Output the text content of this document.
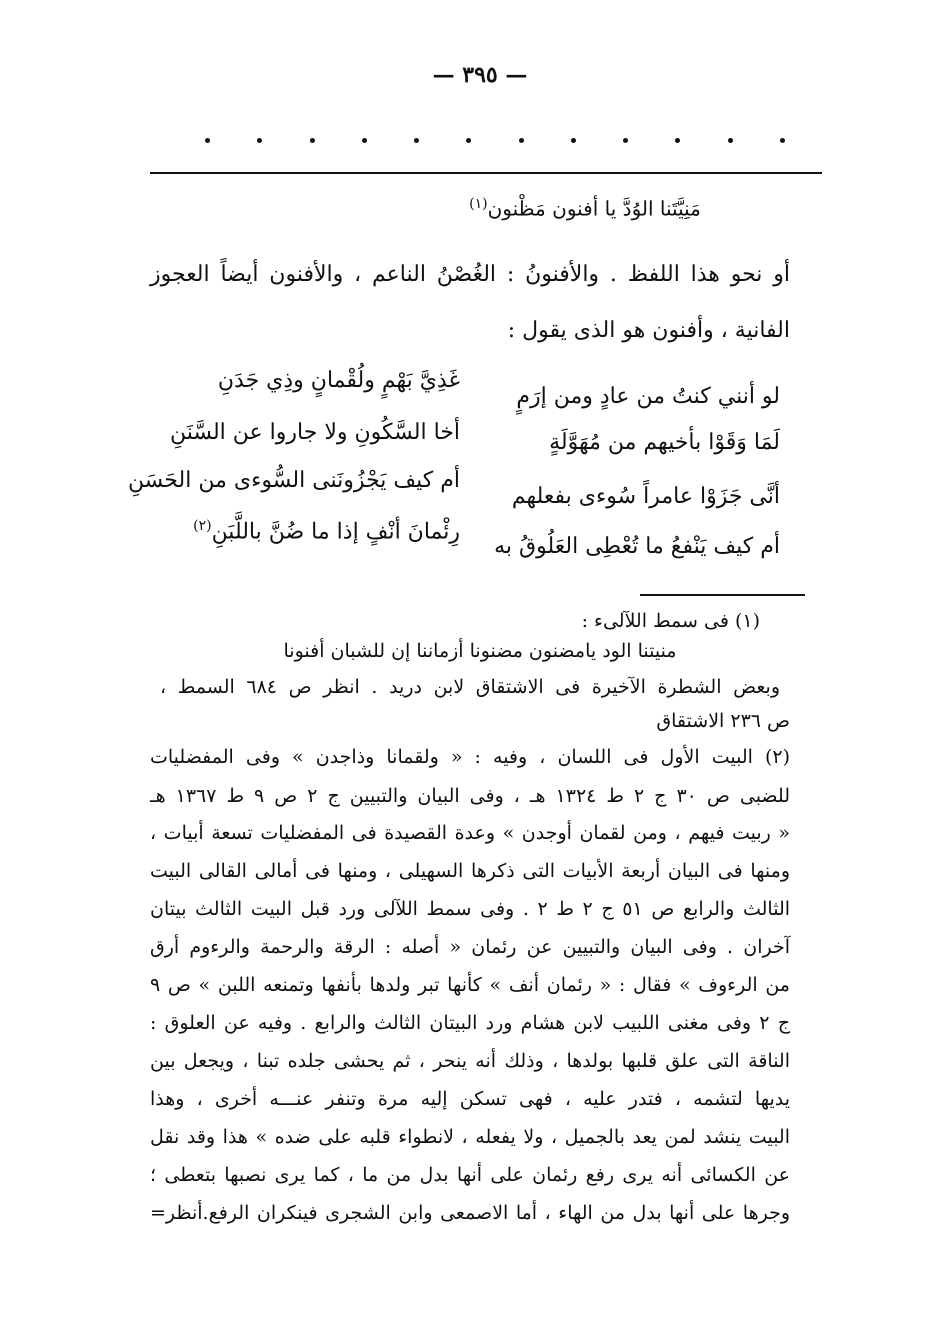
— ٣٩٥ —
مَنِيَّتَنا الوُدَّ يا أفنون مَظْنون$^{(١)}$
أو نحو هذا اللفظ . والأفنونُ : الغُصْنُ الناعم ، والأفنون أيضاً العجوز
الفانية ، وأفنون هو الذى يقول :
لو أنني كنتُ من عادٍ ومن إرَمٍ
غَذِيَّ بَهْمٍ ولُقْمانٍ وذِي جَدَنِ
لَمَا وَقَوْا بأخيهم من مُهَوَّلَةٍ
أخا السَّكُونِ ولا جاروا عن السَّنَنِ
أنَّى جَزَوْا عامراً سُوءى بفعلهم
أم كيف يَجْزُونَنى السُّوءى من الحَسَنِ
أم كيف يَنْفعُ ما تُعْطِى العَلُوقُ به
رِئْمانَ أنْفٍ إذا ما ضُنَّ باللَّبَنِ$^{(٢)}$
(١) فى سمط اللآلىء :
منيتنا الود يامضنون مضنونا أزماننا إن للشبان أفنونا
وبعض الشطرة الآخيرة فى الاشتقاق لابن دريد . انظر ص ٦٨٤ السمط ،
ص ٢٣٦ الاشتقاق
(٢) البيت الأول فى اللسان ، وفيه : « ولقمانا وذاجدن » وفى المفضليات
للضبى ص ٣٠ ج ٢ ط ١٣٢٤ هـ ، وفى البيان والتبيين ج ٢ ص ٩ ط ١٣٦٧ هـ
« ربيت فيهم ، ومن لقمان أوجدن » وعدة القصيدة فى المفضليات تسعة أبيات ،
ومنها فى البيان أربعة الأبيات التى ذكرها السهيلى ، ومنها فى أمالى القالى البيت
الثالث والرابع ص ٥١ ج ٢ ط ٢ . وفى سمط اللآلى ورد قبل البيت الثالث بيتان
آخران . وفى البيان والتبيين عن رئمان « أصله : الرقة والرحمة والرءوم أرق
من الرءوف » فقال : « رئمان أنف » كأنها تبر ولدها بأنفها وتمنعه اللبن » ص ٩
ج ٢ وفى مغنى اللبيب لابن هشام ورد البيتان الثالث والرابع . وفيه عن العلوق :
الناقة التى علق قلبها بولدها ، وذلك أنه ينحر ، ثم يحشى جلده تبنا ، ويجعل بين
يديها لتشمه ، فتدر عليه ، فهى تسكن إليه مرة وتنفر عنـــه أخرى ، وهذا
البيت ينشد لمن يعد بالجميل ، ولا يفعله ، لانطواء قلبه على ضده » هذا وقد نقل
عن الكسائى أنه يرى رفع رئمان على أنها بدل من ما ، كما يرى نصبها بتعطى ؛
وجرها على أنها بدل من الهاء ، أما الاصمعى وابن الشجرى فينكران الرفع.أنظر=
